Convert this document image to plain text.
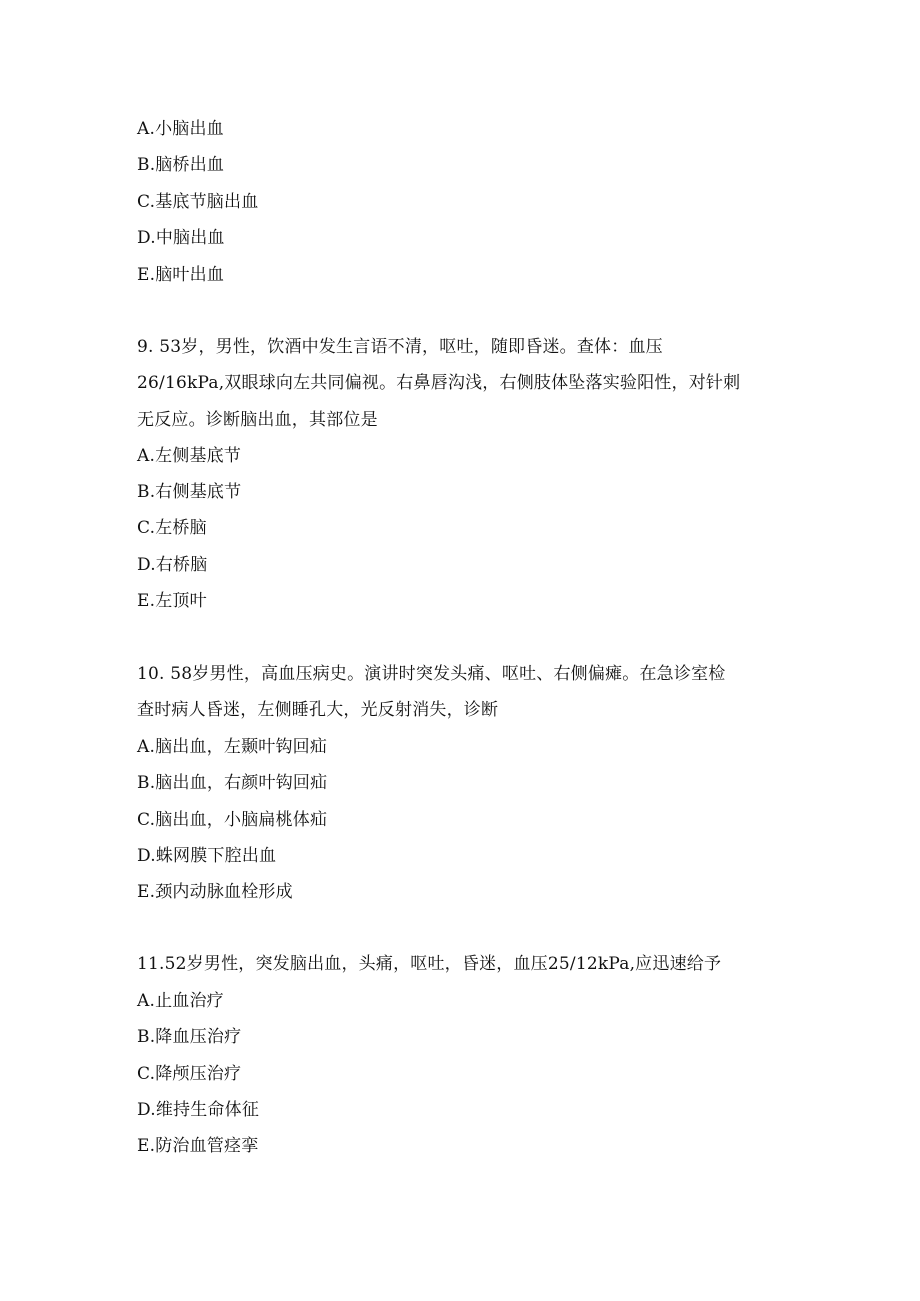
A.小脑出血
B.脑桥出血
C.基底节脑出血
D.中脑出血
E.脑叶出血
9. 53岁，男性，饮酒中发生言语不清，呕吐，随即昏迷。查体：血压
26/16kPa,双眼球向左共同偏视。右鼻唇沟浅，右侧肢体坠落实验阳性，对针刺
无反应。诊断脑出血，其部位是
A.左侧基底节
B.右侧基底节
C.左桥脑
D.右桥脑
E.左顶叶
10. 58岁男性，高血压病史。演讲时突发头痛、呕吐、右侧偏瘫。在急诊室检
查时病人昏迷，左侧睡孔大，光反射消失，诊断
A.脑出血，左颞叶钩回疝
B.脑出血，右颜叶钩回疝
C.脑出血，小脑扁桃体疝
D.蛛网膜下腔出血
E.颈内动脉血栓形成
11.52岁男性，突发脑出血，头痛，呕吐，昏迷，血压25/12kPa,应迅速给予
A.止血治疗
B.降血压治疗
C.降颅压治疗
D.维持生命体征
E.防治血管痉挛
